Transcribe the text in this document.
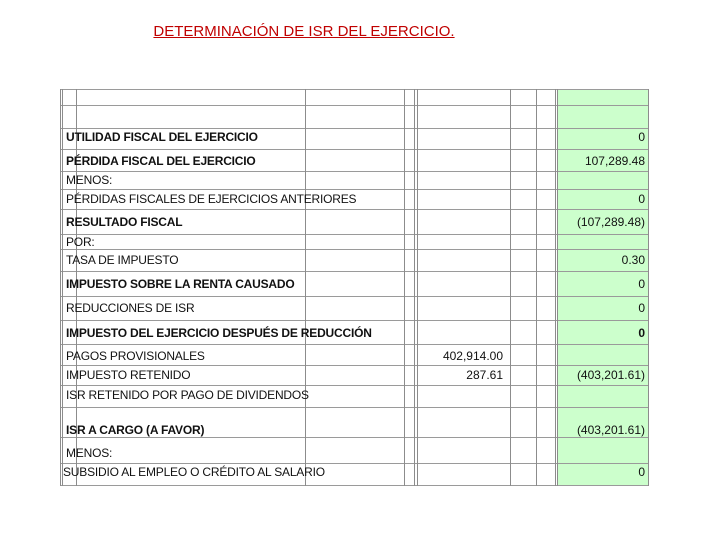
DETERMINACIÓN DE ISR DEL EJERCICIO.
UTILIDAD FISCAL DEL EJERCICIO
PÉRDIDA FISCAL DEL EJERCICIO
MENOS:
PÉRDIDAS FISCALES DE EJERCICIOS ANTERIORES
RESULTADO FISCAL
POR:
TASA DE IMPUESTO
IMPUESTO SOBRE LA RENTA CAUSADO
REDUCCIONES DE ISR
IMPUESTO DEL EJERCICIO DESPUÉS DE REDUCCIÓN
PAGOS PROVISIONALES
IMPUESTO RETENIDO
ISR RETENIDO POR PAGO DE DIVIDENDOS
ISR A CARGO (A FAVOR)
MENOS:
SUBSIDIO AL EMPLEO O CRÉDITO AL SALARIO
402,914.00
287.61
0
107,289.48
0
(107,289.48)
0.30
0
0
0
(403,201.61)
(403,201.61)
0
